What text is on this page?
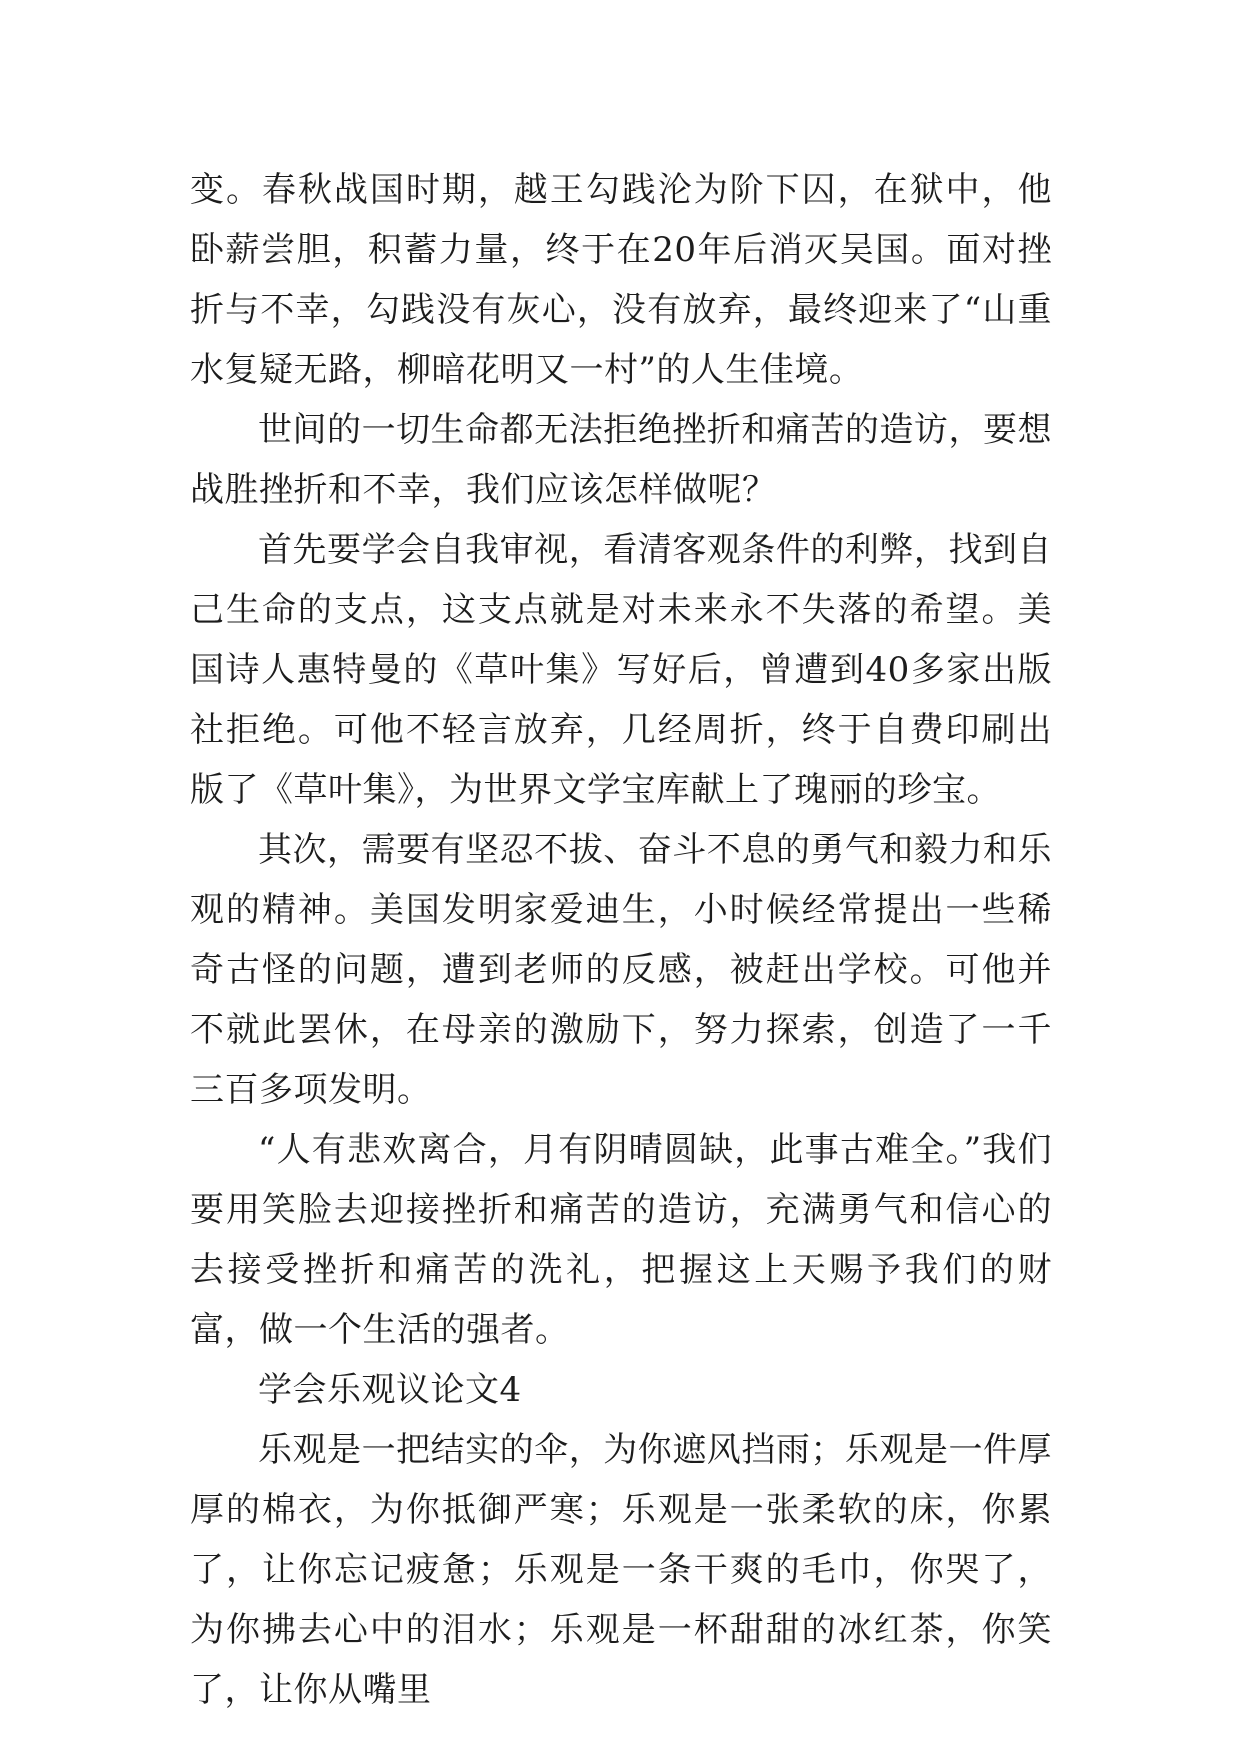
变。春秋战国时期，越王勾践沦为阶下囚，在狱中，他卧薪尝胆，积蓄力量，终于在20年后消灭吴国。面对挫折与不幸，勾践没有灰心，没有放弃，最终迎来了“山重水复疑无路，柳暗花明又一村”的人生佳境。

世间的一切生命都无法拒绝挫折和痛苦的造访，要想战胜挫折和不幸，我们应该怎样做呢？

首先要学会自我审视，看清客观条件的利弊，找到自己生命的支点，这支点就是对未来永不失落的希望。美国诗人惠特曼的《草叶集》写好后，曾遭到40多家出版社拒绝。可他不轻言放弃，几经周折，终于自费印刷出版了《草叶集》，为世界文学宝库献上了瑰丽的珍宝。

其次，需要有坚忍不拔、奋斗不息的勇气和毅力和乐观的精神。美国发明家爱迪生，小时候经常提出一些稀奇古怪的问题，遭到老师的反感，被赶出学校。可他并不就此罢休，在母亲的激励下，努力探索，创造了一千三百多项发明。

“人有悲欢离合，月有阴晴圆缺，此事古难全。”我们要用笑脸去迎接挫折和痛苦的造访，充满勇气和信心的去接受挫折和痛苦的洗礼，把握这上天赐予我们的财富，做一个生活的强者。

学会乐观议论文4

乐观是一把结实的伞，为你遮风挡雨；乐观是一件厚厚的棉衣，为你抵御严寒；乐观是一张柔软的床，你累了，让你忘记疲惫；乐观是一条干爽的毛巾，你哭了，为你拂去心中的泪水；乐观是一杯甜甜的冰红茶，你笑了，让你从嘴里
